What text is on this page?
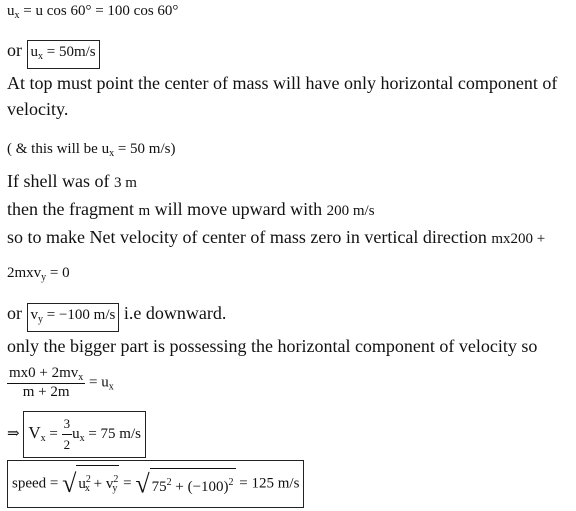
$u_x = u$ cos 60° = 100 cos 60°
or $u_x = 50m/s$
At top must point the center of mass will have only horizontal component of
velocity.
( & this will be $u_x = 50$ m/s)
If shell was of 3 m
then the fragment m will move upward with 200 m/s
so to make Net velocity of center of mass zero in vertical direction mx200 +
2mxv$_y$ = 0
or $v_y = -100$ m/s i.e downward.
only the bigger part is possessing the horizontal component of velocity so
$\frac{mx0 + 2mv_x}{m + 2m} = u_x$
⇒ $V_x = \frac{3}{2} u_x = 75$ m/s
speed = √ $u^2_x + v^2_y$ = √ $75^2 + (-100)^2 = 125$ m/s
